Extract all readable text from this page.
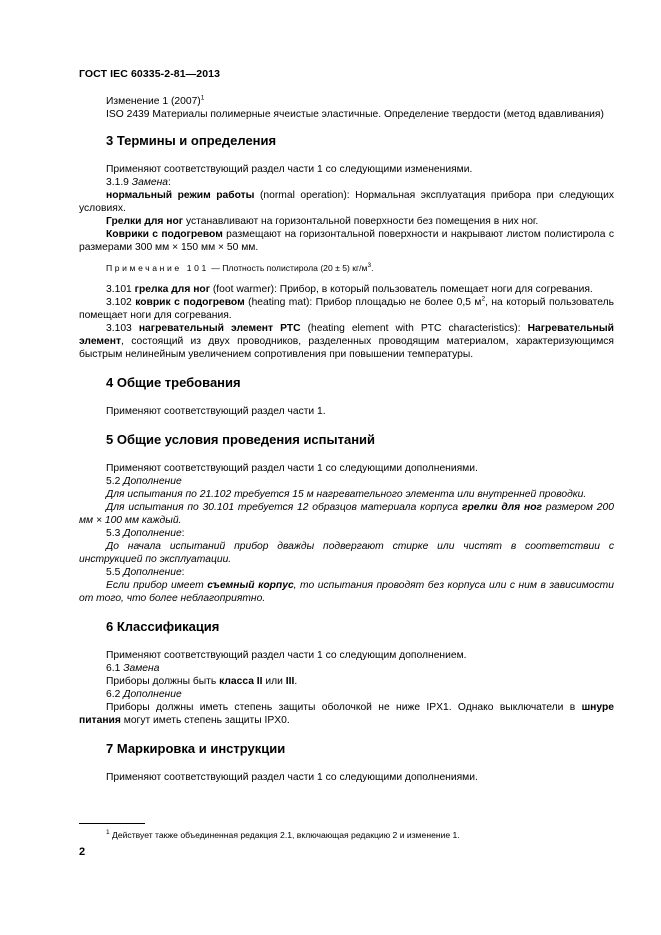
ГОСТ IEC 60335-2-81—2013

Изменение 1 $(2007)^1$

ISO 2439 Материалы полимерные ячеистые эластичные. Определение твердости (метод вдавливания)

3 Термины и определения

Применяют соответствующий раздел части 1 со следующими изменениями.

3.1.9 Замена:

нормальный режим работы (normal operation): Нормальная эксплуатация прибора при следующих условиях.

Грелки для ног устанавливают на горизонтальной поверхности без помещения в них ног.

Коврики с подогревом размещают на горизонтальной поверхности и накрывают листом полистирола с размерами 300 мм × 150 мм × 50 мм.

Примечание 101 — Плотность полистирола (20 ± 5) $кг/м^3$.

3.101 грелка для ног (foot warmer): Прибор, в который пользователь помещает ноги для согревания.

3.102 коврик с подогревом (heating mat): Прибор площадью не более 0,5 $м^2$, на который пользователь помещает ноги для согревания.

3.103 нагревательный элемент РТС (heating element with PTC characteristics): Нагревательный элемент, состоящий из двух проводников, разделенных проводящим материалом, характеризующимся быстрым нелинейным увеличением сопротивления при повышении температуры.

4 Общие требования

Применяют соответствующий раздел части 1.

5 Общие условия проведения испытаний

Применяют соответствующий раздел части 1 со следующими дополнениями.

5.2 Дополнение

Для испытания по 21.102 требуется 15 м нагревательного элемента или внутренней проводки.

Для испытания по 30.101 требуется 12 образцов материала корпуса грелки для ног размером 200 мм × 100 мм каждый.

5.3 Дополнение:

До начала испытаний прибор дважды подвергают стирке или чистят в соответствии с инструкцией по эксплуатации.

5.5 Дополнение:

Если прибор имеет съемный корпус, то испытания проводят без корпуса или с ним в зависимости от того, что более неблагоприятно.

6 Классификация

Применяют соответствующий раздел части 1 со следующим дополнением.

6.1 Замена

Приборы должны быть класса II или III.

6.2 Дополнение

Приборы должны иметь степень защиты оболочкой не ниже IPX1. Однако выключатели в шнуре питания могут иметь степень защиты IPX0.

7 Маркировка и инструкции

Применяют соответствующий раздел части 1 со следующими дополнениями.

$^1$ Действует также объединенная редакция 2.1, включающая редакцию 2 и изменение 1.
2
